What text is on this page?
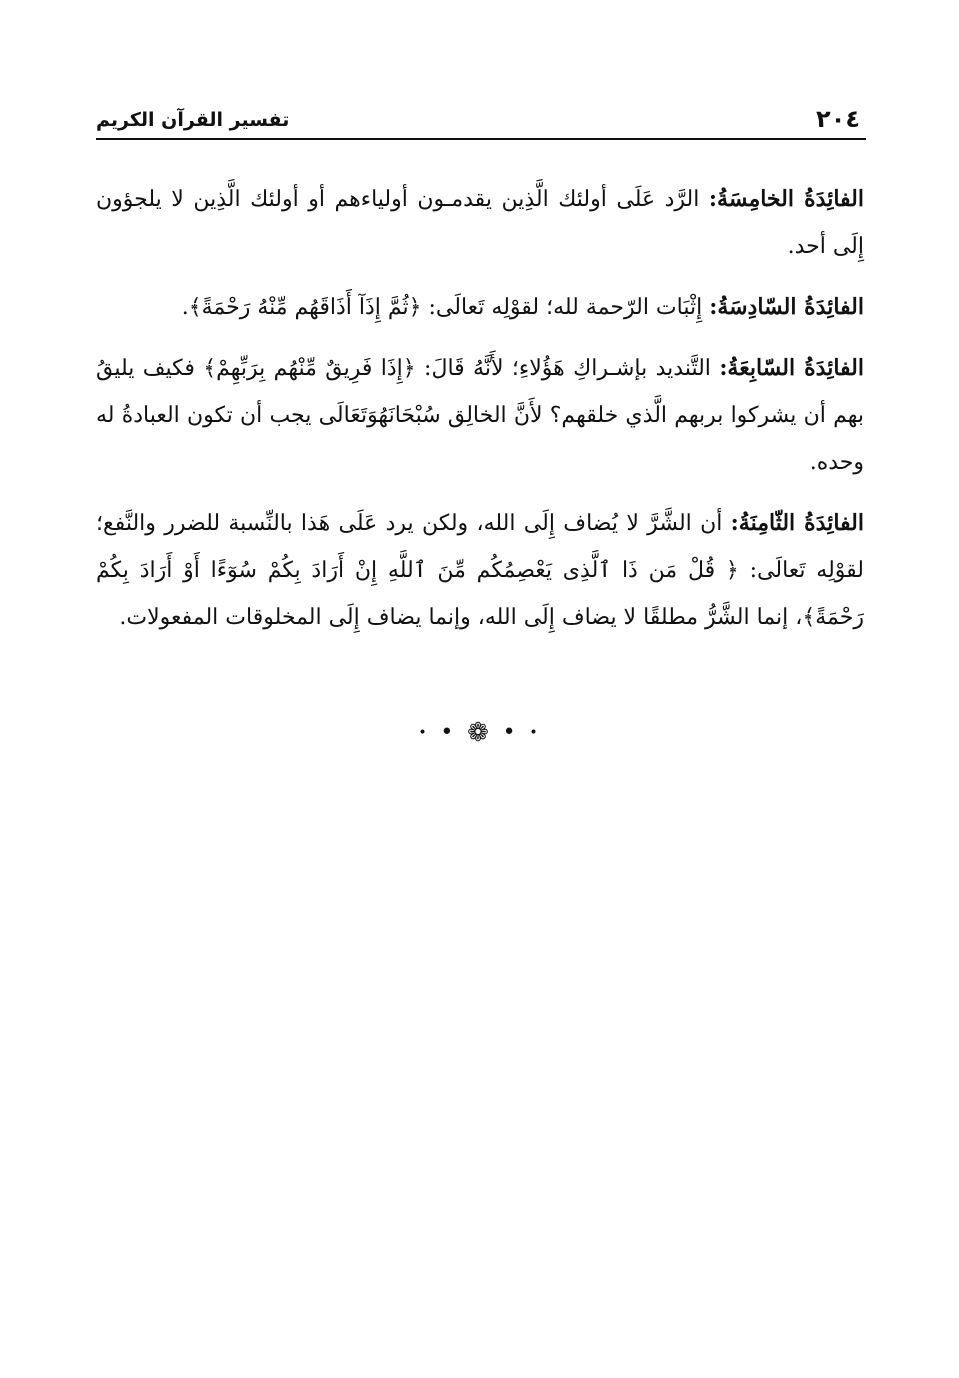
٢٠٤
تفسير القرآن الكريم

الفائِدَةُ الخامِسَةُ: الرَّد عَلَى أولئك الَّذِين يقدمـون أولياءهم أو أولئك الَّذِين لا يلجؤون إِلَى أحد.

الفائِدَةُ السّادِسَةُ: إِثْبَات الرّحمة لله؛ لقوْلِه تَعالَى: ﴿ثُمَّ إِذَآ أَذَاقَهُم مِّنْهُ رَحْمَةً﴾.

الفائِدَةُ السّابِعَةُ: التَّنديد بإشـراكِ هَؤُلاءِ؛ لأَنَّهُ قَالَ: ﴿إِذَا فَرِيقٌ مِّنْهُم بِرَبِّهِمْ﴾ فكيف يليقُ بهم أن يشركوا بربهم الَّذي خلقهم؟ لأَنَّ الخالِق سُبْحَانَهُوَتَعَالَى يجب أن تكون العبادةُ له وحده.

الفائِدَةُ الثّامِنَةُ: أن الشَّرَّ لا يُضاف إِلَى الله، ولكن يرد عَلَى هَذا بالنِّسبة للضرر والنَّفع؛ لقوْلِه تَعالَى: ﴿ قُلْ مَن ذَا ٱلَّذِى يَعْصِمُكُم مِّنَ ٱللَّهِ إِنْ أَرَادَ بِكُمْ سُوٓءًا أَوْ أَرَادَ بِكُمْ رَحْمَةً﴾، إنما الشَّرُّ مطلقًا لا يضاف إِلَى الله، وإنما يضاف إِلَى المخلوقات المفعولات.

• • ❁ • •
